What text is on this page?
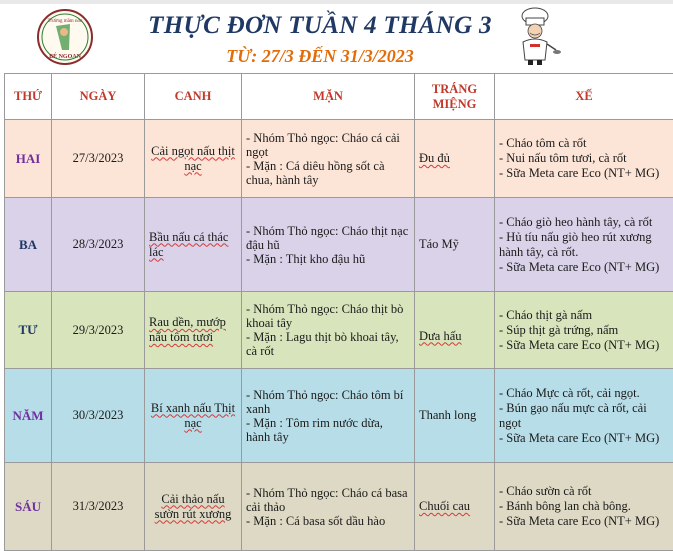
Trường mầm non
BÉ NGOAN
THỰC ĐƠN TUẦN 4 THÁNG 3
TỪ: 27/3 ĐẾN 31/3/2023
THỨ	NGÀY	CANH	MẶN	TRÁNG MIỆNG	XẾ
HAI	27/3/2023	Cải ngọt nấu thịt nạc	- Nhóm Thỏ ngọc: Cháo cá cải ngọt
- Mặn : Cá diêu hồng sốt cà chua, hành tây	Đu đủ	- Cháo tôm cà rốt
- Nui nấu tôm tươi, cà rốt
- Sữa Meta care Eco (NT+ MG)

BA	28/3/2023	Bầu nấu cá thác lác	- Nhóm Thỏ ngọc: Cháo thịt nạc đậu hũ
- Mặn : Thịt kho đậu hũ	Táo Mỹ	- Cháo giò heo hành tây, cà rốt
- Hủ tíu nấu giò heo rút xương hành tây, cà rốt.
- Sữa Meta care Eco (NT+ MG)

TƯ	29/3/2023	Rau dền, mướp nấu tôm tươi	- Nhóm Thỏ ngọc: Cháo thịt bò khoai tây
- Mặn : Lagu thịt bò khoai tây, cà rốt	Dưa hấu	- Cháo thịt gà nấm
- Súp thịt gà trứng, nấm
- Sữa Meta care Eco (NT+ MG)

NĂM	30/3/2023	Bí xanh nấu Thịt nạc	- Nhóm Thỏ ngọc: Cháo tôm bí xanh
- Mặn : Tôm rim nước dừa, hành tây	Thanh long	- Cháo Mực cà rốt, cải ngọt.
- Bún gạo nấu mực cà rốt, cải ngọt
- Sữa Meta care Eco (NT+ MG)

SÁU	31/3/2023	Cải thảo nấu sườn rút xương	- Nhóm Thỏ ngọc: Cháo cá basa cải thảo
- Mặn : Cá basa sốt dầu hào	Chuối cau	- Cháo sườn cà rốt
- Bánh bông lan chà bông.
- Sữa Meta care Eco (NT+ MG)
